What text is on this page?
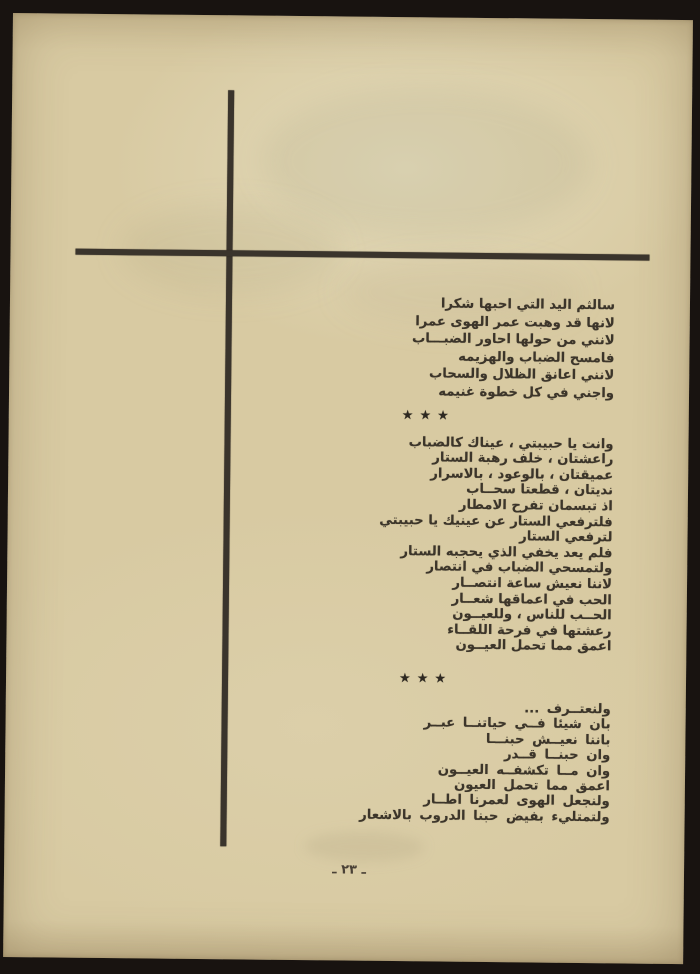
سالثم اليد التي احبها شكرا
لانها قد وهبت عمر الهوى عمرا
لانني من حولها احاور الضبـــاب
فامسح الضباب والهزيمه
لانني اعانق الظلال والسحاب
واجني في كل خطوة غنيمه
★★★
وانت يا حبيبتي ، عيناك كالضباب
راعشتان ، خلف رهبة الستار
عميقتان ، بالوعود ، بالاسرار
نديتان ، قطعتا سحــاب
اذ تبسمان تفرح الامطار
فلترفعي الستار عن عينيك يا حبيبتي
لترفعي الستار
فلم يعد يخفي الذي يحجبه الستار
ولتمسحي الضباب في انتصار
لاننا نعيش ساعة انتصــار
الحب في اعماقها شعــار
الحــب للناس ، وللعيــون
رعشتها في فرحة اللقــاء
اعمق مما تحمل العيــون
★★★
ولنعتــرف ...
بان شيئا فــي حياتنــا عبــر
باننا نعيــش حبنـــا
وان حبنــا قــدر
وان مــا تكشفــه العيــون
اعمق مما تحمل العيون
ولنجعل الهوى لعمرنا اطــار
ولتمتليء بفيض حبنا الدروب بالاشعار
ـ ٢٣ ـ
